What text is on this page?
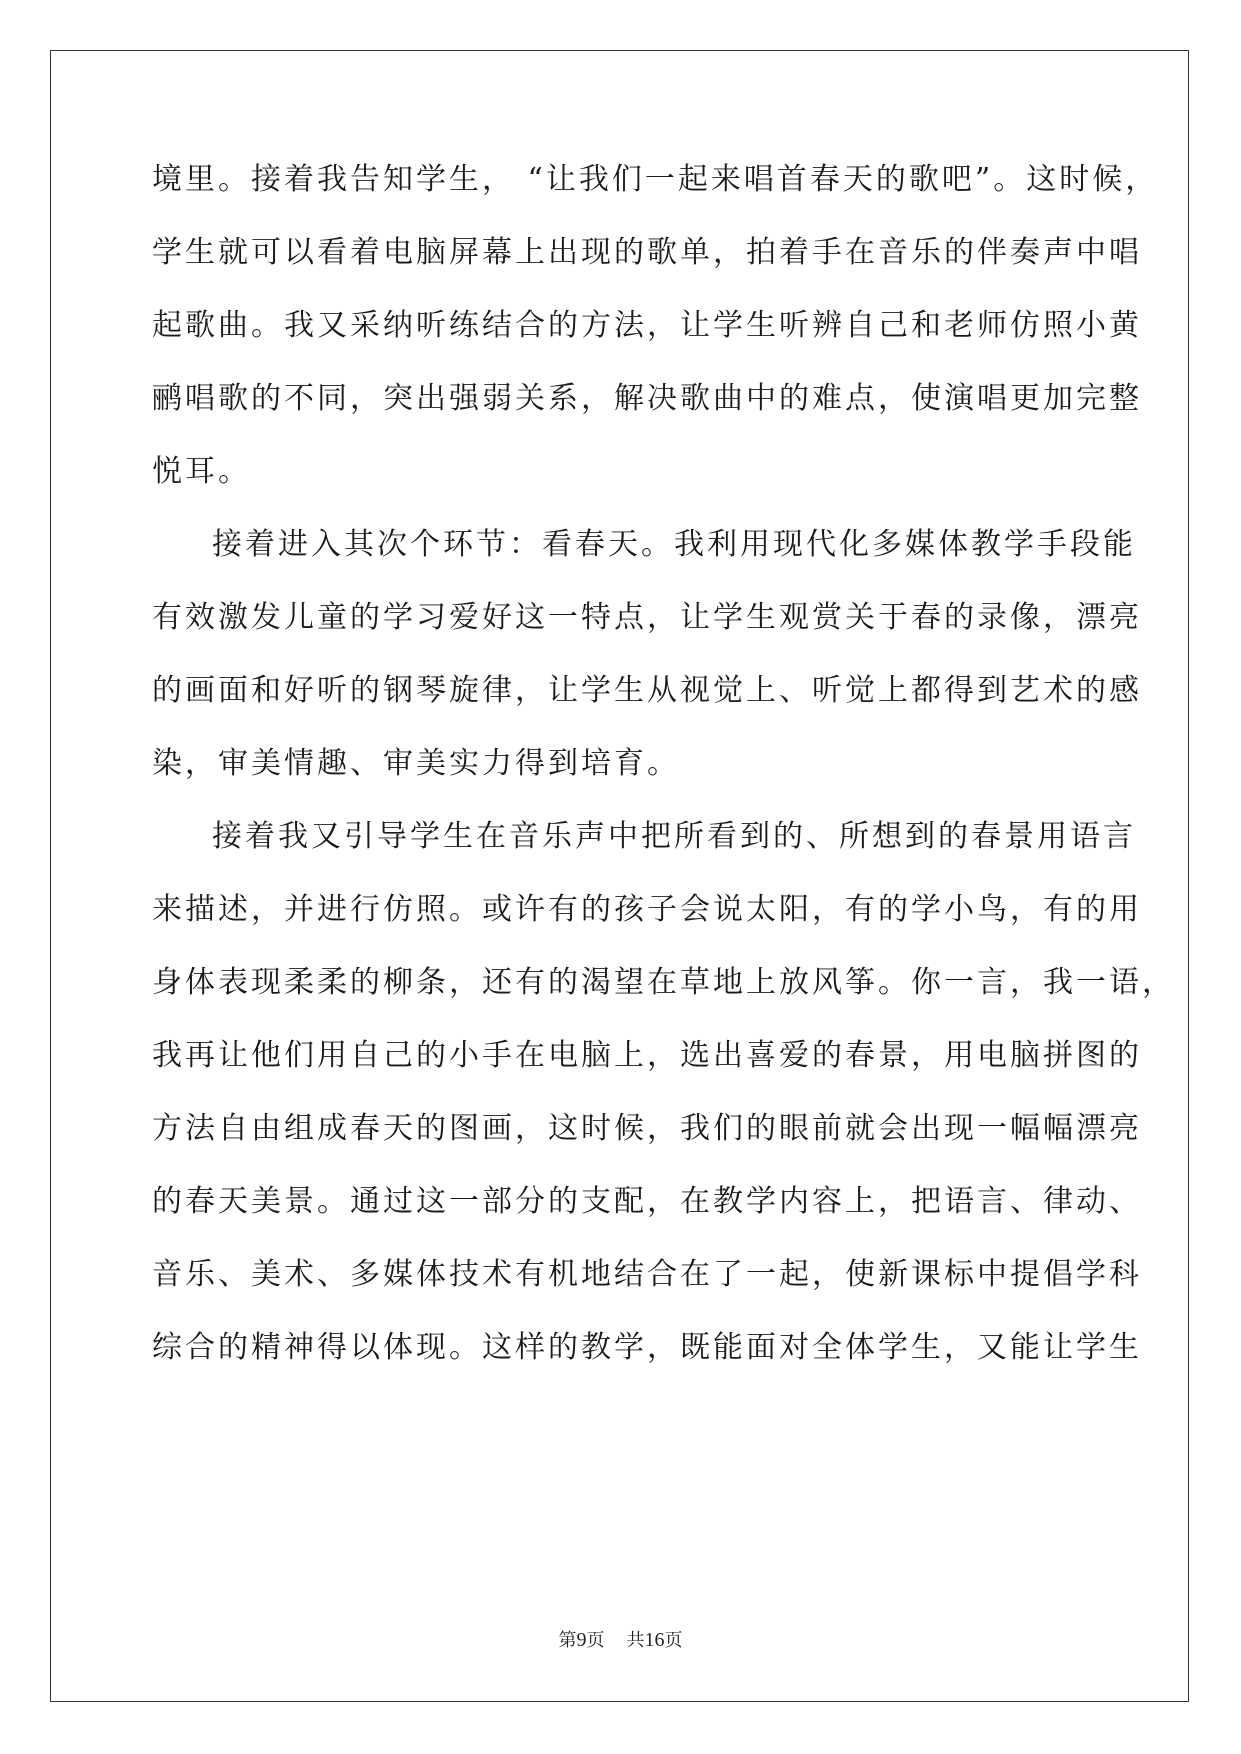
境里。接着我告知学生， “让我们一起来唱首春天的歌吧”。这时候，
学生就可以看着电脑屏幕上出现的歌单，拍着手在音乐的伴奏声中唱
起歌曲。我又采纳听练结合的方法，让学生听辨自己和老师仿照小黄
鹂唱歌的不同，突出强弱关系，解决歌曲中的难点，使演唱更加完整
悦耳。
接着进入其次个环节：看春天。我利用现代化多媒体教学手段能
有效激发儿童的学习爱好这一特点，让学生观赏关于春的录像，漂亮
的画面和好听的钢琴旋律，让学生从视觉上、听觉上都得到艺术的感
染，审美情趣、审美实力得到培育。
接着我又引导学生在音乐声中把所看到的、所想到的春景用语言
来描述，并进行仿照。或许有的孩子会说太阳，有的学小鸟，有的用
身体表现柔柔的柳条，还有的渴望在草地上放风筝。你一言，我一语，
我再让他们用自己的小手在电脑上，选出喜爱的春景，用电脑拼图的
方法自由组成春天的图画，这时候，我们的眼前就会出现一幅幅漂亮
的春天美景。通过这一部分的支配，在教学内容上，把语言、律动、
音乐、美术、多媒体技术有机地结合在了一起，使新课标中提倡学科
综合的精神得以体现。这样的教学，既能面对全体学生，又能让学生
第9页 共16页
